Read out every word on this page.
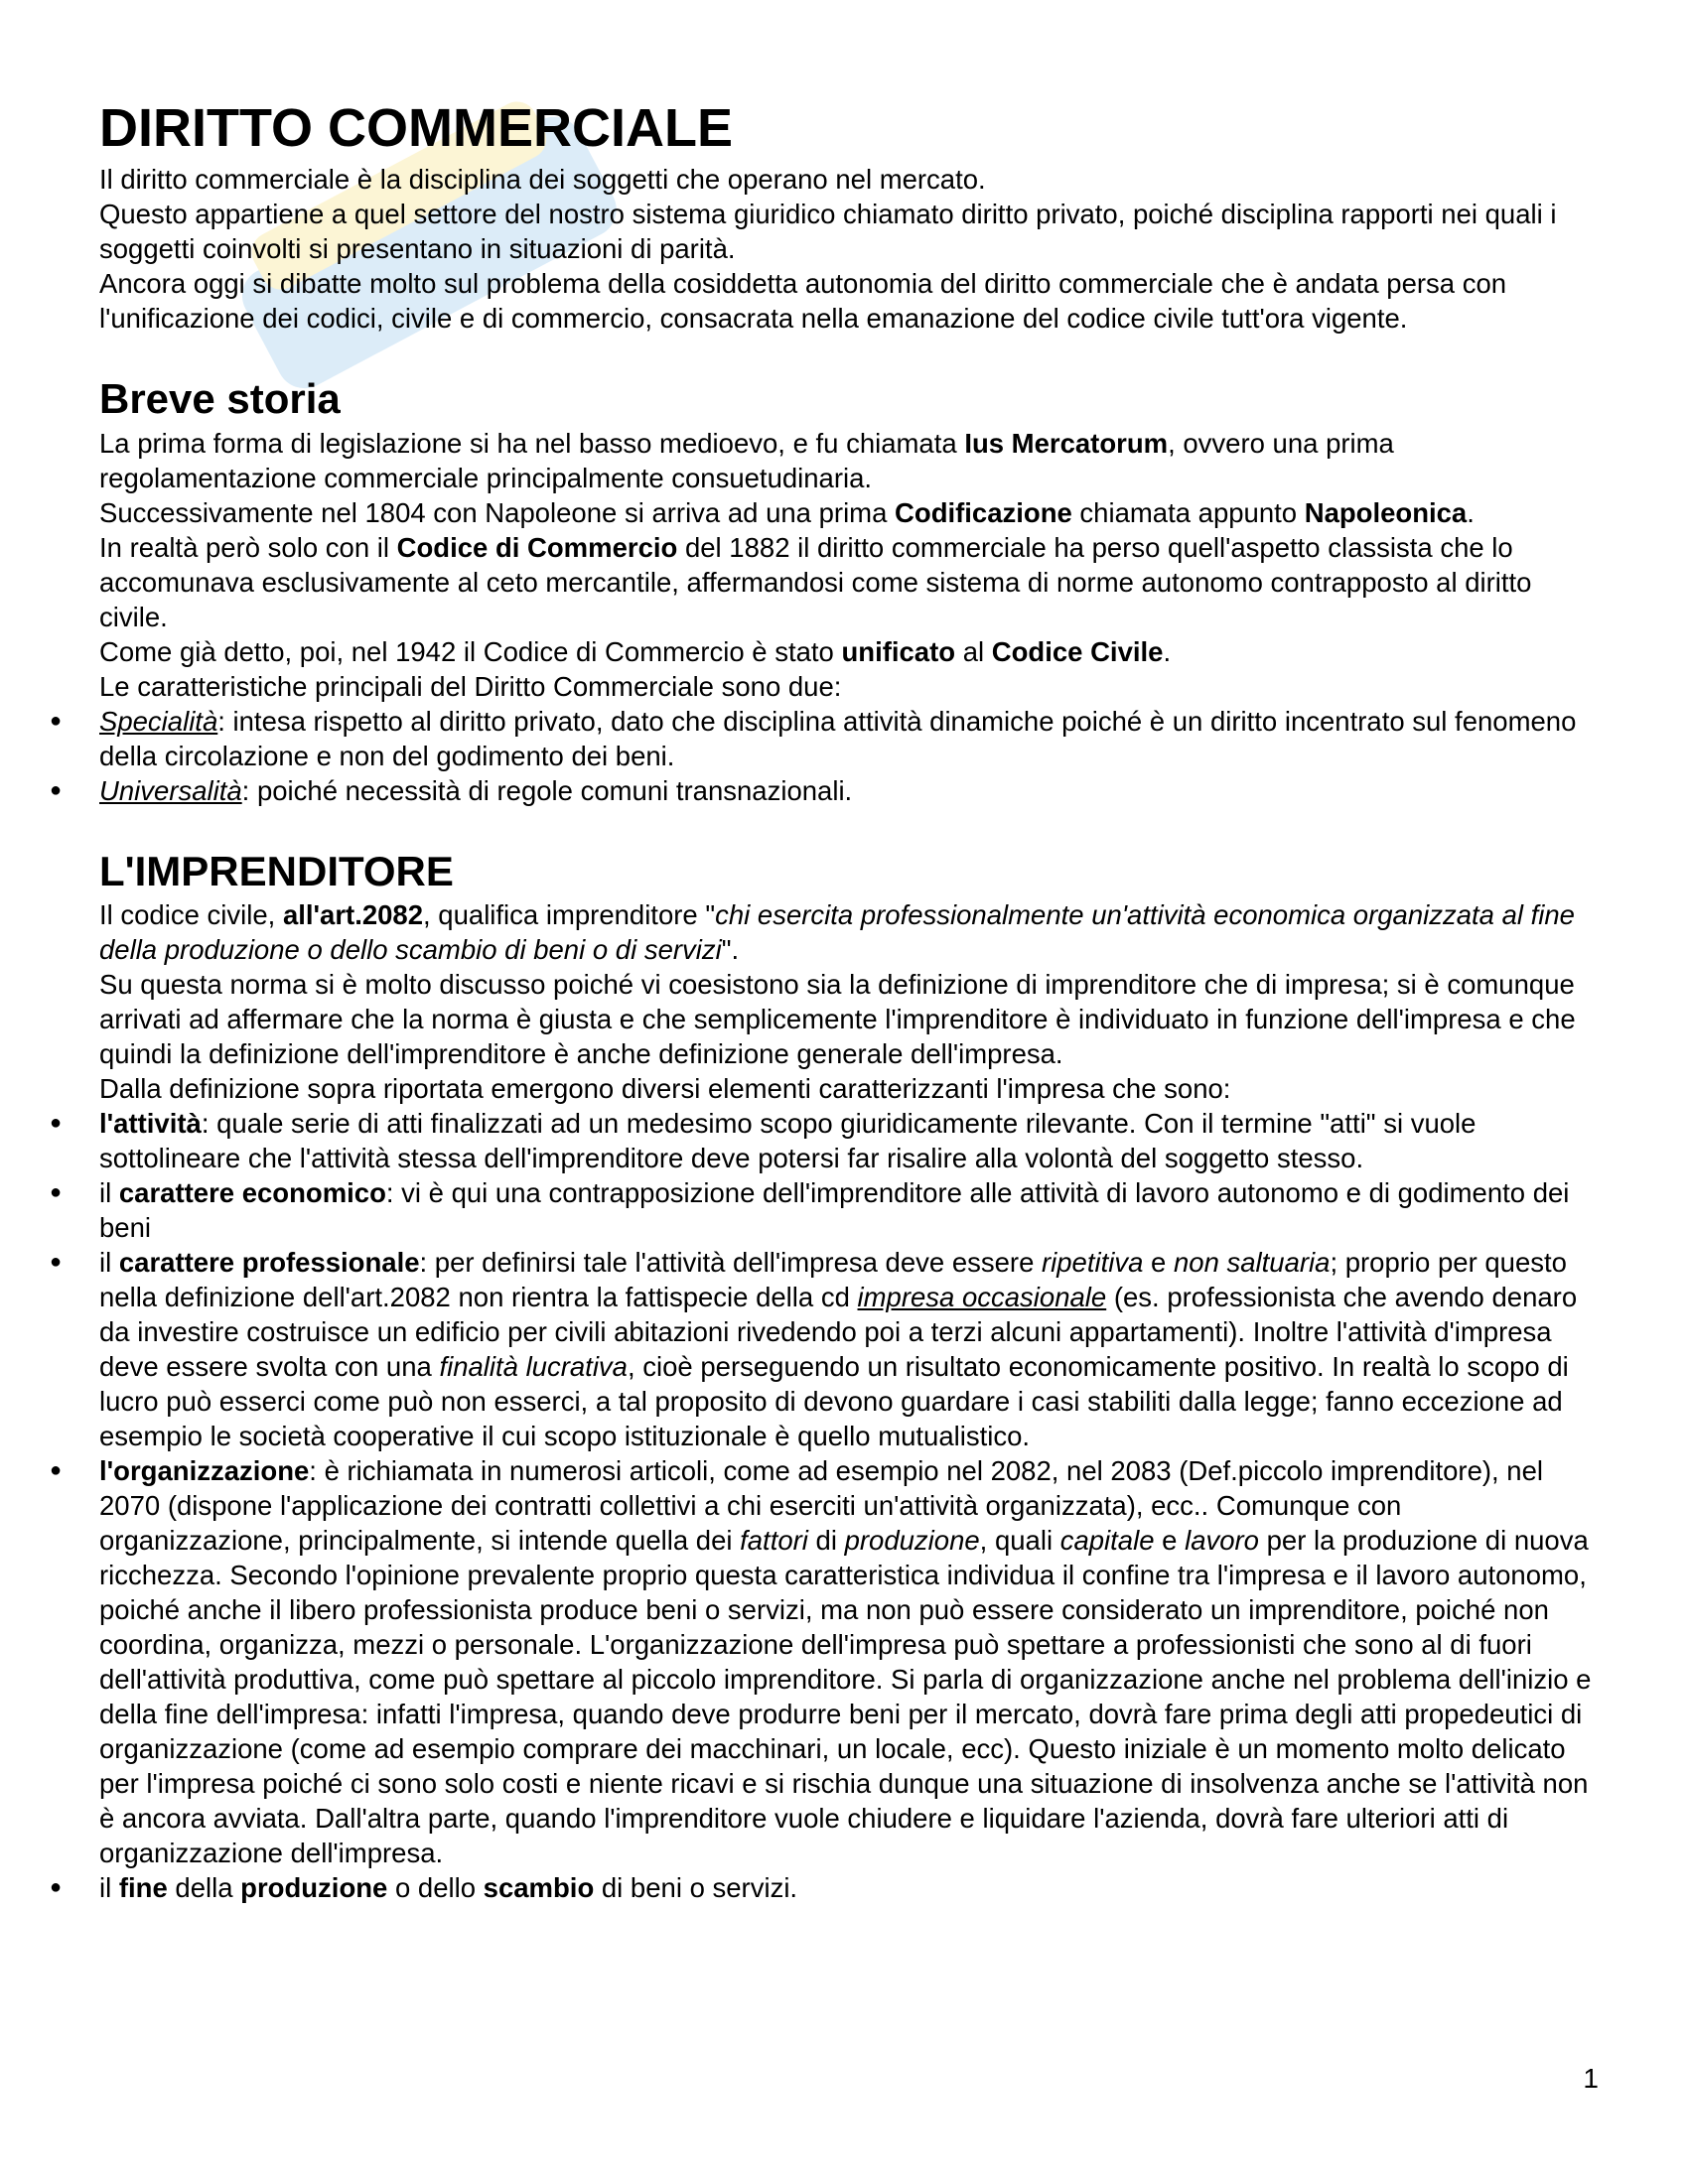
DIRITTO COMMERCIALE

Il diritto commerciale è la disciplina dei soggetti che operano nel mercato.

Questo appartiene a quel settore del nostro sistema giuridico chiamato diritto privato, poiché disciplina rapporti nei quali i soggetti coinvolti si presentano in situazioni di parità.

Ancora oggi si dibatte molto sul problema della cosiddetta autonomia del diritto commerciale che è andata persa con l'unificazione dei codici, civile e di commercio, consacrata nella emanazione del codice civile tutt'ora vigente.

Breve storia

La prima forma di legislazione si ha nel basso medioevo, e fu chiamata Ius Mercatorum, ovvero una prima regolamentazione commerciale principalmente consuetudinaria.

Successivamente nel 1804 con Napoleone si arriva ad una prima Codificazione chiamata appunto Napoleonica.

In realtà però solo con il Codice di Commercio del 1882 il diritto commerciale ha perso quell'aspetto classista che lo accomunava esclusivamente al ceto mercantile, affermandosi come sistema di norme autonomo contrapposto al diritto civile.

Come già detto, poi, nel 1942 il Codice di Commercio è stato unificato al Codice Civile.

Le caratteristiche principali del Diritto Commerciale sono due:

● Specialità: intesa rispetto al diritto privato, dato che disciplina attività dinamiche poiché è un diritto incentrato sul fenomeno della circolazione e non del godimento dei beni.
● Universalità: poiché necessità di regole comuni transnazionali.
L'IMPRENDITORE

Il codice civile, all'art.2082, qualifica imprenditore "chi esercita professionalmente un'attività economica organizzata al fine della produzione o dello scambio di beni o di servizi".

Su questa norma si è molto discusso poiché vi coesistono sia la definizione di imprenditore che di impresa; si è comunque arrivati ad affermare che la norma è giusta e che semplicemente l'imprenditore è individuato in funzione dell'impresa e che quindi la definizione dell'imprenditore è anche definizione generale dell'impresa.

Dalla definizione sopra riportata emergono diversi elementi caratterizzanti l'impresa che sono:

● l'attività: quale serie di atti finalizzati ad un medesimo scopo giuridicamente rilevante. Con il termine "atti" si vuole sottolineare che l'attività stessa dell'imprenditore deve potersi far risalire alla volontà del soggetto stesso.
● il carattere economico: vi è qui una contrapposizione dell'imprenditore alle attività di lavoro autonomo e di godimento dei beni
● il carattere professionale: per definirsi tale l'attività dell'impresa deve essere ripetitiva e non saltuaria; proprio per questo nella definizione dell'art.2082 non rientra la fattispecie della cd impresa occasionale (es. professionista che avendo denaro da investire costruisce un edificio per civili abitazioni rivedendo poi a terzi alcuni appartamenti). Inoltre l'attività d'impresa deve essere svolta con una finalità lucrativa, cioè perseguendo un risultato economicamente positivo. In realtà lo scopo di lucro può esserci come può non esserci, a tal proposito di devono guardare i casi stabiliti dalla legge; fanno eccezione ad esempio le società cooperative il cui scopo istituzionale è quello mutualistico.
● l'organizzazione: è richiamata in numerosi articoli, come ad esempio nel 2082, nel 2083 (Def.piccolo imprenditore), nel 2070 (dispone l'applicazione dei contratti collettivi a chi eserciti un'attività organizzata), ecc.. Comunque con organizzazione, principalmente, si intende quella dei fattori di produzione, quali capitale e lavoro per la produzione di nuova ricchezza. Secondo l'opinione prevalente proprio questa caratteristica individua il confine tra l'impresa e il lavoro autonomo, poiché anche il libero professionista produce beni o servizi, ma non può essere considerato un imprenditore, poiché non coordina, organizza, mezzi o personale. L'organizzazione dell'impresa può spettare a professionisti che sono al di fuori dell'attività produttiva, come può spettare al piccolo imprenditore. Si parla di organizzazione anche nel problema dell'inizio e della fine dell'impresa: infatti l'impresa, quando deve produrre beni per il mercato, dovrà fare prima degli atti propedeutici di organizzazione (come ad esempio comprare dei macchinari, un locale, ecc). Questo iniziale è un momento molto delicato per l'impresa poiché ci sono solo costi e niente ricavi e si rischia dunque una situazione di insolvenza anche se l'attività non è ancora avviata. Dall'altra parte, quando l'imprenditore vuole chiudere e liquidare l'azienda, dovrà fare ulteriori atti di organizzazione dell'impresa.
● il fine della produzione o dello scambio di beni o servizi.
1
